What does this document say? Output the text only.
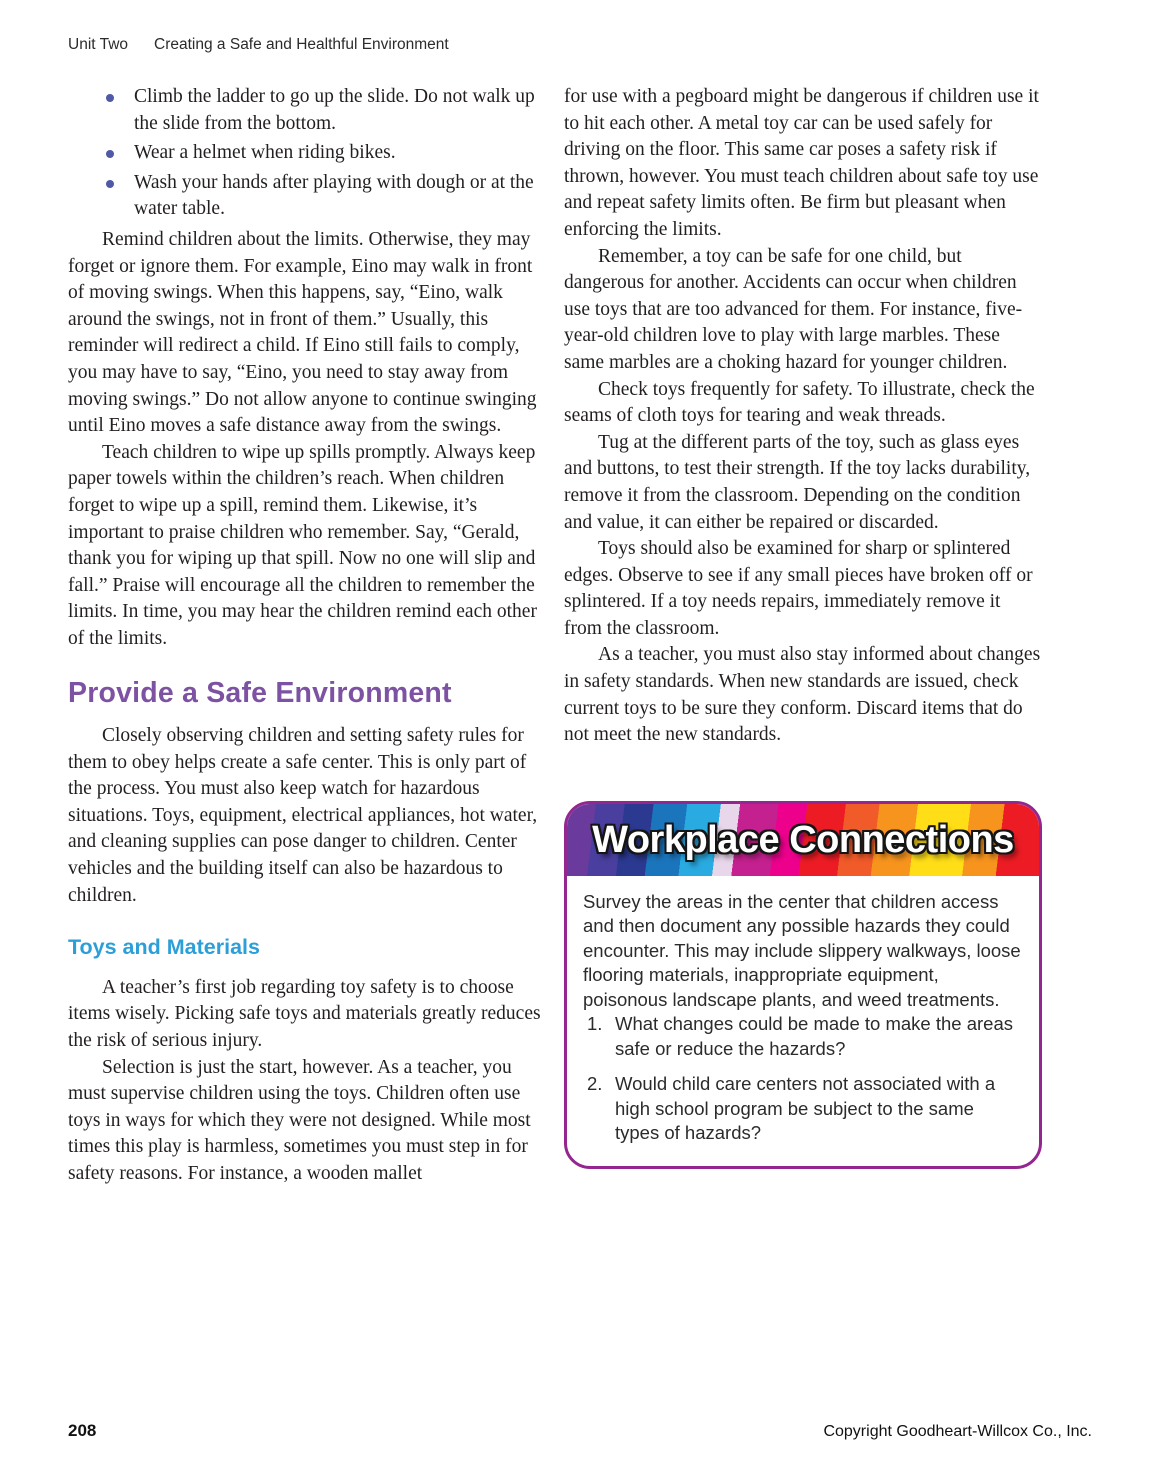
Unit Two Creating a Safe and Healthful Environment
Climb the ladder to go up the slide. Do not walk up the slide from the bottom.
Wear a helmet when riding bikes.
Wash your hands after playing with dough or at the water table.

Remind children about the limits. Otherwise, they may forget or ignore them. For example, Eino may walk in front of moving swings. When this happens, say, “Eino, walk around the swings, not in front of them.” Usually, this reminder will redirect a child. If Eino still fails to comply, you may have to say, “Eino, you need to stay away from moving swings.” Do not allow anyone to continue swinging until Eino moves a safe distance away from the swings.

Teach children to wipe up spills promptly. Always keep paper towels within the children’s reach. When children forget to wipe up a spill, remind them. Likewise, it’s important to praise children who remember. Say, “Gerald, thank you for wiping up that spill. Now no one will slip and fall.” Praise will encourage all the children to remember the limits. In time, you may hear the children remind each other of the limits.

Provide a Safe Environment

Closely observing children and setting safety rules for them to obey helps create a safe center. This is only part of the process. You must also keep watch for hazardous situations. Toys, equipment, electrical appliances, hot water, and cleaning supplies can pose danger to children. Center vehicles and the building itself can also be hazardous to children.

Toys and Materials

A teacher’s first job regarding toy safety is to choose items wisely. Picking safe toys and materials greatly reduces the risk of serious injury.

Selection is just the start, however. As a teacher, you must supervise children using the toys. Children often use toys in ways for which they were not designed. While most times this play is harmless, sometimes you must step in for safety reasons. For instance, a wooden mallet

for use with a pegboard might be dangerous if children use it to hit each other. A metal toy car can be used safely for driving on the floor. This same car poses a safety risk if thrown, however. You must teach children about safe toy use and repeat safety limits often. Be firm but pleasant when enforcing the limits.

Remember, a toy can be safe for one child, but dangerous for another. Accidents can occur when children use toys that are too advanced for them. For instance, five-year-old children love to play with large marbles. These same marbles are a choking hazard for younger children.

Check toys frequently for safety. To illustrate, check the seams of cloth toys for tearing and weak threads.

Tug at the different parts of the toy, such as glass eyes and buttons, to test their strength. If the toy lacks durability, remove it from the classroom. Depending on the condition and value, it can either be repaired or discarded.

Toys should also be examined for sharp or splintered edges. Observe to see if any small pieces have broken off or splintered. If a toy needs repairs, immediately remove it from the classroom.

As a teacher, you must also stay informed about changes in safety standards. When new standards are issued, check current toys to be sure they conform. Discard items that do not meet the new standards.

Workplace Connections

Survey the areas in the center that children access and then document any possible hazards they could encounter. This may include slippery walkways, loose flooring materials, inappropriate equipment, poisonous landscape plants, and weed treatments.

1. What changes could be made to make the areas safe or reduce the hazards?
2. Would child care centers not associated with a high school program be subject to the same types of hazards?
208	Copyright Goodheart-Willcox Co., Inc.
